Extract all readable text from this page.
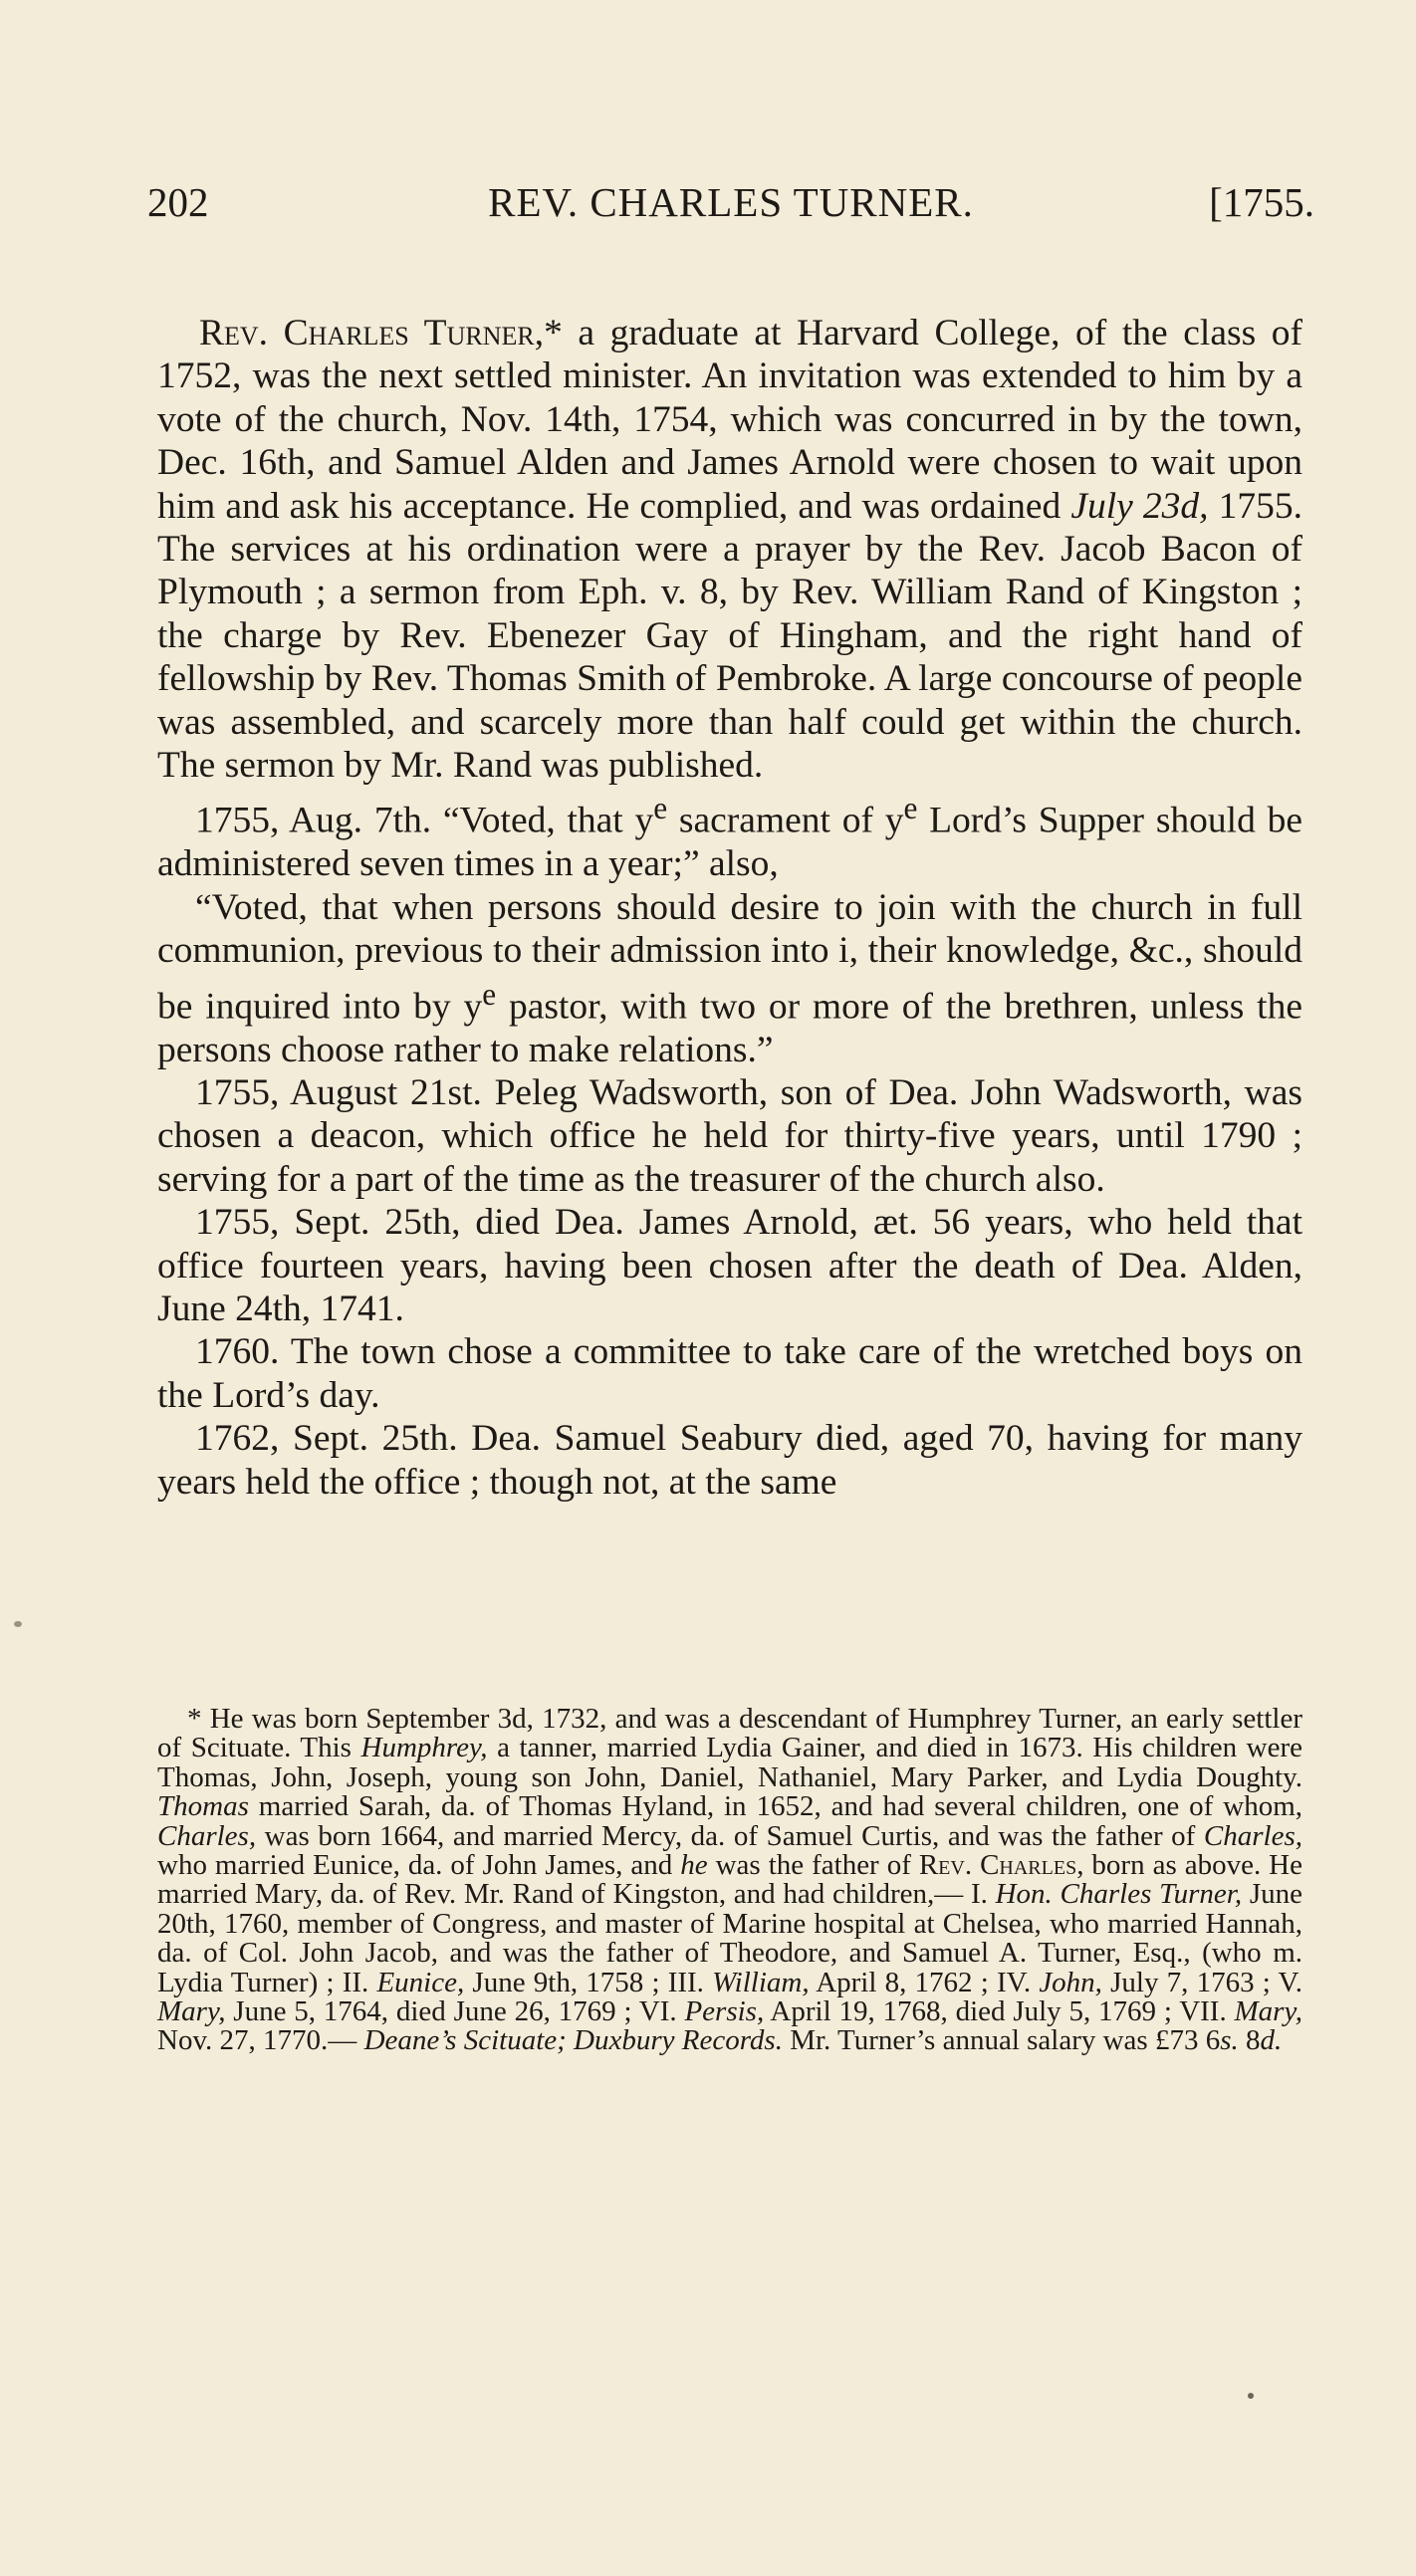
202	REV. CHARLES TURNER.	[1755.

Rev. Charles Turner,* a graduate at Harvard College, of the class of 1752, was the next settled minister. An invitation was extended to him by a vote of the church, Nov. 14th, 1754, which was concurred in by the town, Dec. 16th, and Samuel Alden and James Arnold were chosen to wait upon him and ask his acceptance. He complied, and was ordained July 23d, 1755. The services at his ordination were a prayer by the Rev. Jacob Bacon of Plymouth ; a sermon from Eph. v. 8, by Rev. William Rand of Kingston ; the charge by Rev. Ebenezer Gay of Hingham, and the right hand of fellowship by Rev. Thomas Smith of Pembroke. A large concourse of people was assembled, and scarcely more than half could get within the church. The sermon by Mr. Rand was published.

1755, Aug. 7th. “Voted, that $y^e$ sacrament of $y^e$ Lord’s Supper should be administered seven times in a year;” also,

“Voted, that when persons should desire to join with the church in full communion, previous to their admission into i, their knowledge, &c., should be inquired into by $y^e$ pastor, with two or more of the brethren, unless the persons choose rather to make relations.”

1755, August 21st. Peleg Wadsworth, son of Dea. John Wadsworth, was chosen a deacon, which office he held for thirty-five years, until 1790 ; serving for a part of the time as the treasurer of the church also.

1755, Sept. 25th, died Dea. James Arnold, æt. 56 years, who held that office fourteen years, having been chosen after the death of Dea. Alden, June 24th, 1741.

1760. The town chose a committee to take care of the wretched boys on the Lord’s day.

1762, Sept. 25th. Dea. Samuel Seabury died, aged 70, having for many years held the office ; though not, at the same

* He was born September 3d, 1732, and was a descendant of Humphrey Turner, an early settler of Scituate. This Humphrey, a tanner, married Lydia Gainer, and died in 1673. His children were Thomas, John, Joseph, young son John, Daniel, Nathaniel, Mary Parker, and Lydia Doughty. Thomas married Sarah, da. of Thomas Hyland, in 1652, and had several children, one of whom, Charles, was born 1664, and married Mercy, da. of Samuel Curtis, and was the father of Charles, who married Eunice, da. of John James, and he was the father of Rev. Charles, born as above. He married Mary, da. of Rev. Mr. Rand of Kingston, and had children,— I. Hon. Charles Turner, June 20th, 1760, member of Congress, and master of Marine hospital at Chelsea, who married Hannah, da. of Col. John Jacob, and was the father of Theodore, and Samuel A. Turner, Esq., (who m. Lydia Turner) ; II. Eunice, June 9th, 1758 ; III. William, April 8, 1762 ; IV. John, July 7, 1763 ; V. Mary, June 5, 1764, died June 26, 1769 ; VI. Persis, April 19, 1768, died July 5, 1769 ; VII. Mary, Nov. 27, 1770.— Deane’s Scituate; Duxbury Records. Mr. Turner’s annual salary was £73 6s. 8d.
